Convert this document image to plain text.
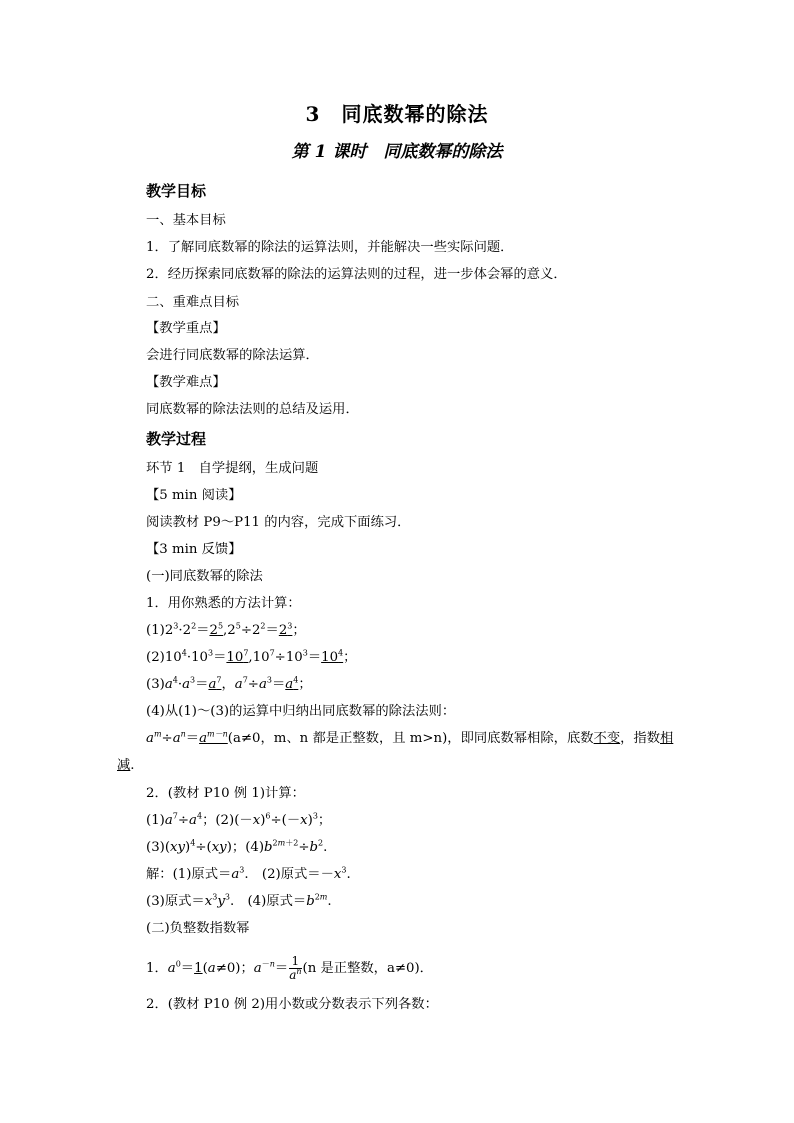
3　同底数幂的除法
第 1 课时　同底数幂的除法
教学目标
一、基本目标
1．了解同底数幂的除法的运算法则，并能解决一些实际问题．
2．经历探索同底数幂的除法的运算法则的过程，进一步体会幂的意义．
二、重难点目标
【教学重点】
会进行同底数幂的除法运算．
【教学难点】
同底数幂的除法法则的总结及运用．
教学过程
环节 1　自学提纲，生成问题
【5 min 阅读】
阅读教材 P9～P11 的内容，完成下面练习．
【3 min 反馈】
(一)同底数幂的除法
1．用你熟悉的方法计算：
$(1)2^3\cdot 2^2=2^5,2^5\div 2^2=2^3$；
$(2)10^4\cdot 10^3=10^7,10^7\div 10^3=10^4$；
$(3)a^4\cdot a^3=a^7$，$a^7\div a^3=a^4$；
(4)从(1)～(3)的运算中归纳出同底数幂的除法法则：
$a^m\div a^n=a^{m-n}(a\ne 0$，m、n 都是正整数，且 m>n)，即同底数幂相除，底数不变，指数相
减.
2．(教材 P10 例 1)计算：
$(1)a^7\div a^4$；$(2)(-x)^6\div(-x)^3$；
(3)(xy)$^4$÷(xy)；$(4)b^{2m+2}\div b^2$.
解：(1)原式$=a^3$.　(2)原式$=-x^3$.
(3)原式$=x^3y^3$.　(4)原式$=b^{2m}$.
(二)负整数指数幂
1．$a^0=1(a\ne 0)$；$a^{-n}= \frac{1}{a^n} (n$ 是正整数，a≠0)．
2．(教材 P10 例 2)用小数或分数表示下列各数：
